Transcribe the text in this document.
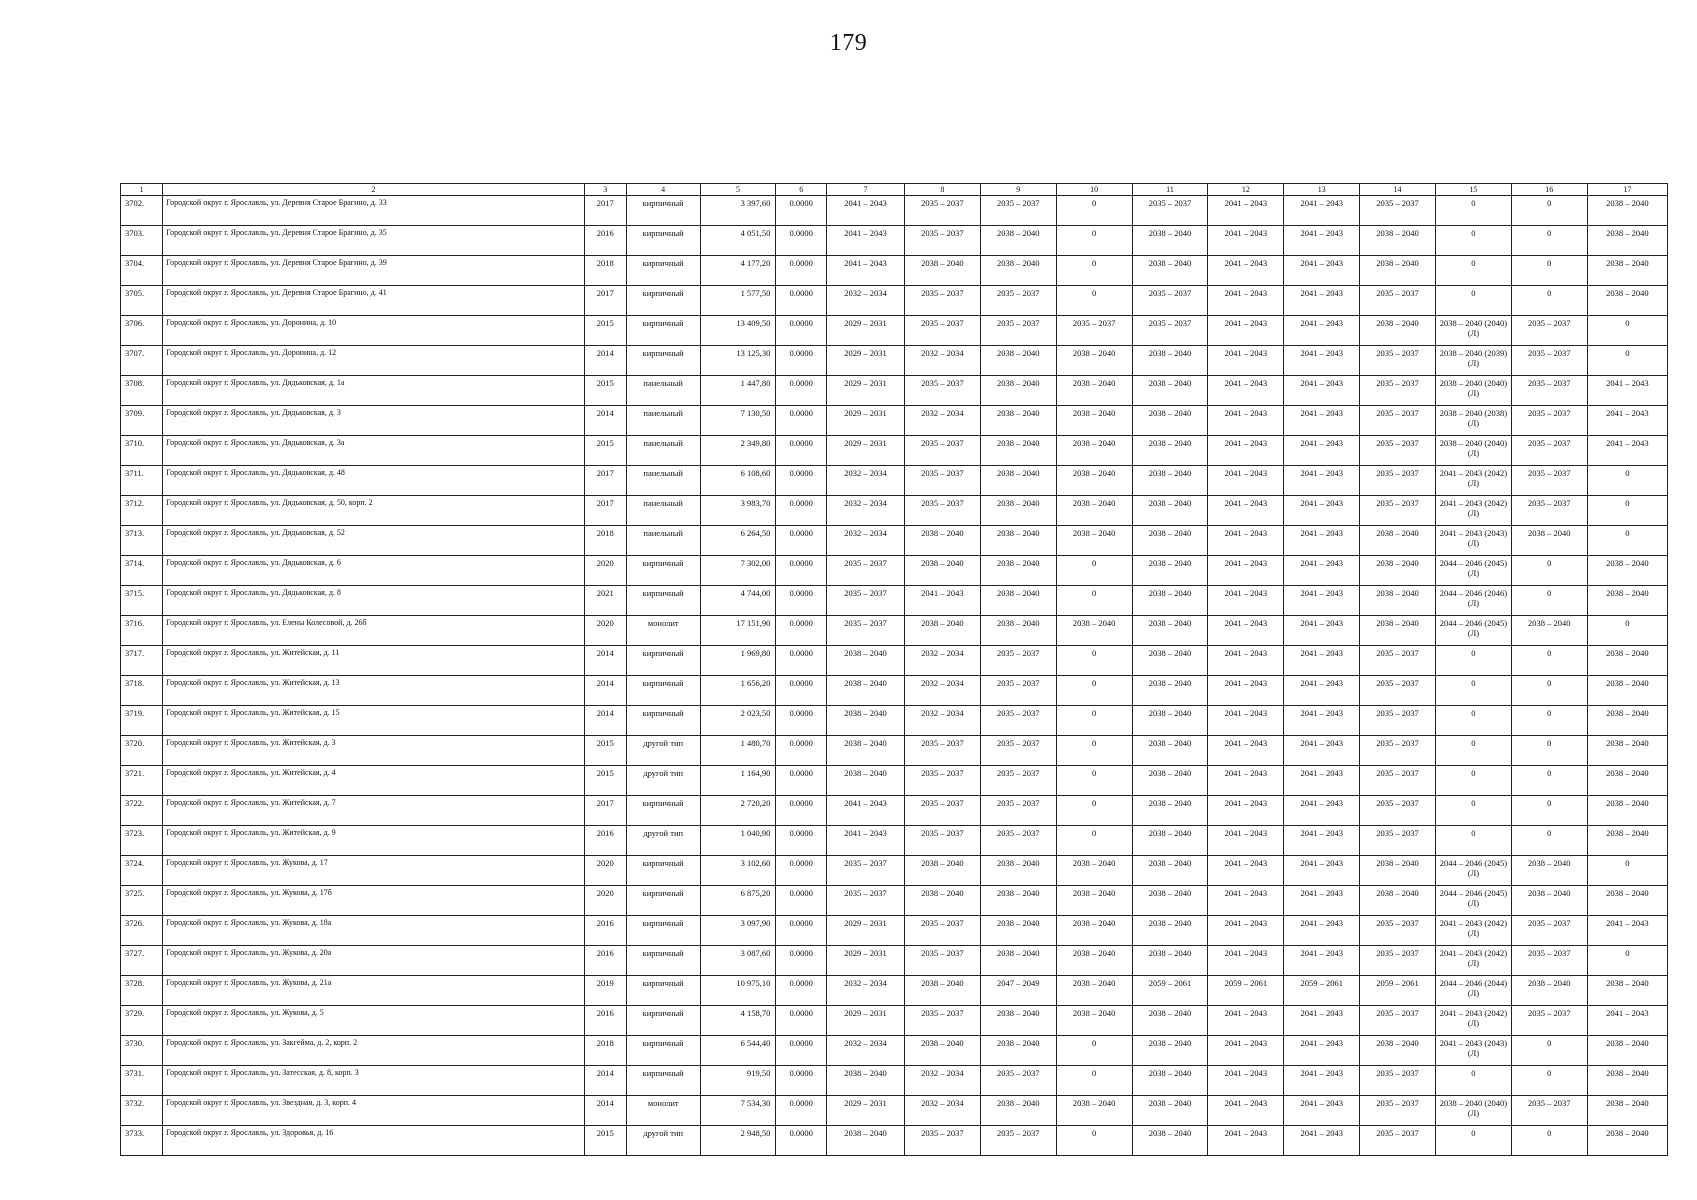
179
1	2	3	4	5	6	7	8	9	10	11	12	13	14	15	16	17
3702.	Городской округ г. Ярославль, ул. Деревня Старое Брагино, д. 33	2017	кирпичный	3 397,60	0.0000	2041 – 2043	2035 – 2037	2035 – 2037	0	2035 – 2037	2041 – 2043	2041 – 2043	2035 – 2037	0	0	2038 – 2040
3703.	Городской округ г. Ярославль, ул. Деревня Старое Брагино, д. 35	2016	кирпичный	4 051,50	0.0000	2041 – 2043	2035 – 2037	2038 – 2040	0	2038 – 2040	2041 – 2043	2041 – 2043	2038 – 2040	0	0	2038 – 2040
3704.	Городской округ г. Ярославль, ул. Деревня Старое Брагино, д. 39	2018	кирпичный	4 177,20	0.0000	2041 – 2043	2038 – 2040	2038 – 2040	0	2038 – 2040	2041 – 2043	2041 – 2043	2038 – 2040	0	0	2038 – 2040
3705.	Городской округ г. Ярославль, ул. Деревня Старое Брагино, д. 41	2017	кирпичный	1 577,50	0.0000	2032 – 2034	2035 – 2037	2035 – 2037	0	2035 – 2037	2041 – 2043	2041 – 2043	2035 – 2037	0	0	2038 – 2040
3706.	Городской округ г. Ярославль, ул. Доронина, д. 10	2015	кирпичный	13 409,50	0.0000	2029 – 2031	2035 – 2037	2035 – 2037	2035 – 2037	2035 – 2037	2041 – 2043	2041 – 2043	2038 – 2040	2038 – 2040 (2040) (Л)	2035 – 2037	0
3707.	Городской округ г. Ярославль, ул. Доронина, д. 12	2014	кирпичный	13 125,30	0.0000	2029 – 2031	2032 – 2034	2038 – 2040	2038 – 2040	2038 – 2040	2041 – 2043	2041 – 2043	2035 – 2037	2038 – 2040 (2039) (Л)	2035 – 2037	0
3708.	Городской округ г. Ярославль, ул. Дядьковская, д. 1а	2015	панельный	1 447,80	0.0000	2029 – 2031	2035 – 2037	2038 – 2040	2038 – 2040	2038 – 2040	2041 – 2043	2041 – 2043	2035 – 2037	2038 – 2040 (2040) (Л)	2035 – 2037	2041 – 2043
3709.	Городской округ г. Ярославль, ул. Дядьковская, д. 3	2014	панельный	7 130,50	0.0000	2029 – 2031	2032 – 2034	2038 – 2040	2038 – 2040	2038 – 2040	2041 – 2043	2041 – 2043	2035 – 2037	2038 – 2040 (2038) (Л)	2035 – 2037	2041 – 2043
3710.	Городской округ г. Ярославль, ул. Дядьковская, д. 3а	2015	панельный	2 349,80	0.0000	2029 – 2031	2035 – 2037	2038 – 2040	2038 – 2040	2038 – 2040	2041 – 2043	2041 – 2043	2035 – 2037	2038 – 2040 (2040) (Л)	2035 – 2037	2041 – 2043
3711.	Городской округ г. Ярославль, ул. Дядьковская, д. 48	2017	панельный	6 108,60	0.0000	2032 – 2034	2035 – 2037	2038 – 2040	2038 – 2040	2038 – 2040	2041 – 2043	2041 – 2043	2035 – 2037	2041 – 2043 (2042) (Л)	2035 – 2037	0
3712.	Городской округ г. Ярославль, ул. Дядьковская, д. 50, корп. 2	2017	панельный	3 983,70	0.0000	2032 – 2034	2035 – 2037	2038 – 2040	2038 – 2040	2038 – 2040	2041 – 2043	2041 – 2043	2035 – 2037	2041 – 2043 (2042) (Л)	2035 – 2037	0
3713.	Городской округ г. Ярославль, ул. Дядьковская, д. 52	2018	панельный	6 264,50	0.0000	2032 – 2034	2038 – 2040	2038 – 2040	2038 – 2040	2038 – 2040	2041 – 2043	2041 – 2043	2038 – 2040	2041 – 2043 (2043) (Л)	2038 – 2040	0
3714.	Городской округ г. Ярославль, ул. Дядьковская, д. 6	2020	кирпичный	7 302,00	0.0000	2035 – 2037	2038 – 2040	2038 – 2040	0	2038 – 2040	2041 – 2043	2041 – 2043	2038 – 2040	2044 – 2046 (2045) (Л)	0	2038 – 2040
3715.	Городской округ г. Ярославль, ул. Дядьковская, д. 8	2021	кирпичный	4 744,00	0.0000	2035 – 2037	2041 – 2043	2038 – 2040	0	2038 – 2040	2041 – 2043	2041 – 2043	2038 – 2040	2044 – 2046 (2046) (Л)	0	2038 – 2040
3716.	Городской округ г. Ярославль, ул. Елены Колесовой, д. 26б	2020	монолит	17 151,90	0.0000	2035 – 2037	2038 – 2040	2038 – 2040	2038 – 2040	2038 – 2040	2041 – 2043	2041 – 2043	2038 – 2040	2044 – 2046 (2045) (Л)	2038 – 2040	0
3717.	Городской округ г. Ярославль, ул. Житейская, д. 11	2014	кирпичный	1 969,80	0.0000	2038 – 2040	2032 – 2034	2035 – 2037	0	2038 – 2040	2041 – 2043	2041 – 2043	2035 – 2037	0	0	2038 – 2040
3718.	Городской округ г. Ярославль, ул. Житейская, д. 13	2014	кирпичный	1 656,20	0.0000	2038 – 2040	2032 – 2034	2035 – 2037	0	2038 – 2040	2041 – 2043	2041 – 2043	2035 – 2037	0	0	2038 – 2040
3719.	Городской округ г. Ярославль, ул. Житейская, д. 15	2014	кирпичный	2 023,50	0.0000	2038 – 2040	2032 – 2034	2035 – 2037	0	2038 – 2040	2041 – 2043	2041 – 2043	2035 – 2037	0	0	2038 – 2040
3720.	Городской округ г. Ярославль, ул. Житейская, д. 3	2015	другой тип	1 480,70	0.0000	2038 – 2040	2035 – 2037	2035 – 2037	0	2038 – 2040	2041 – 2043	2041 – 2043	2035 – 2037	0	0	2038 – 2040
3721.	Городской округ г. Ярославль, ул. Житейская, д. 4	2015	другой тип	1 164,90	0.0000	2038 – 2040	2035 – 2037	2035 – 2037	0	2038 – 2040	2041 – 2043	2041 – 2043	2035 – 2037	0	0	2038 – 2040
3722.	Городской округ г. Ярославль, ул. Житейская, д. 7	2017	кирпичный	2 720,20	0.0000	2041 – 2043	2035 – 2037	2035 – 2037	0	2038 – 2040	2041 – 2043	2041 – 2043	2035 – 2037	0	0	2038 – 2040
3723.	Городской округ г. Ярославль, ул. Житейская, д. 9	2016	другой тип	1 040,90	0.0000	2041 – 2043	2035 – 2037	2035 – 2037	0	2038 – 2040	2041 – 2043	2041 – 2043	2035 – 2037	0	0	2038 – 2040
3724.	Городской округ г. Ярославль, ул. Жукова, д. 17	2020	кирпичный	3 102,60	0.0000	2035 – 2037	2038 – 2040	2038 – 2040	2038 – 2040	2038 – 2040	2041 – 2043	2041 – 2043	2038 – 2040	2044 – 2046 (2045) (Л)	2038 – 2040	0
3725.	Городской округ г. Ярославль, ул. Жукова, д. 17б	2020	кирпичный	6 875,20	0.0000	2035 – 2037	2038 – 2040	2038 – 2040	2038 – 2040	2038 – 2040	2041 – 2043	2041 – 2043	2038 – 2040	2044 – 2046 (2045) (Л)	2038 – 2040	2038 – 2040
3726.	Городской округ г. Ярославль, ул. Жукова, д. 18а	2016	кирпичный	3 097,90	0.0000	2029 – 2031	2035 – 2037	2038 – 2040	2038 – 2040	2038 – 2040	2041 – 2043	2041 – 2043	2035 – 2037	2041 – 2043 (2042) (Л)	2035 – 2037	2041 – 2043
3727.	Городской округ г. Ярославль, ул. Жукова, д. 20а	2016	кирпичный	3 087,60	0.0000	2029 – 2031	2035 – 2037	2038 – 2040	2038 – 2040	2038 – 2040	2041 – 2043	2041 – 2043	2035 – 2037	2041 – 2043 (2042) (Л)	2035 – 2037	0
3728.	Городской округ г. Ярославль, ул. Жукова, д. 21а	2019	кирпичный	10 975,10	0.0000	2032 – 2034	2038 – 2040	2047 – 2049	2038 – 2040	2059 – 2061	2059 – 2061	2059 – 2061	2059 – 2061	2044 – 2046 (2044) (Л)	2038 – 2040	2038 – 2040
3729.	Городской округ г. Ярославль, ул. Жукова, д. 5	2016	кирпичный	4 158,70	0.0000	2029 – 2031	2035 – 2037	2038 – 2040	2038 – 2040	2038 – 2040	2041 – 2043	2041 – 2043	2035 – 2037	2041 – 2043 (2042) (Л)	2035 – 2037	2041 – 2043
3730.	Городской округ г. Ярославль, ул. Закгейма, д. 2, корп. 2	2018	кирпичный	6 544,40	0.0000	2032 – 2034	2038 – 2040	2038 – 2040	0	2038 – 2040	2041 – 2043	2041 – 2043	2038 – 2040	2041 – 2043 (2043) (Л)	0	2038 – 2040
3731.	Городской округ г. Ярославль, ул. Затесская, д. 8, корп. 3	2014	кирпичный	919,50	0.0000	2038 – 2040	2032 – 2034	2035 – 2037	0	2038 – 2040	2041 – 2043	2041 – 2043	2035 – 2037	0	0	2038 – 2040
3732.	Городской округ г. Ярославль, ул. Звездная, д. 3, корп. 4	2014	монолит	7 534,30	0.0000	2029 – 2031	2032 – 2034	2038 – 2040	2038 – 2040	2038 – 2040	2041 – 2043	2041 – 2043	2035 – 2037	2038 – 2040 (2040) (Л)	2035 – 2037	2038 – 2040
3733.	Городской округ г. Ярославль, ул. Здоровья, д. 16	2015	другой тип	2 948,50	0.0000	2038 – 2040	2035 – 2037	2035 – 2037	0	2038 – 2040	2041 – 2043	2041 – 2043	2035 – 2037	0	0	2038 – 2040
